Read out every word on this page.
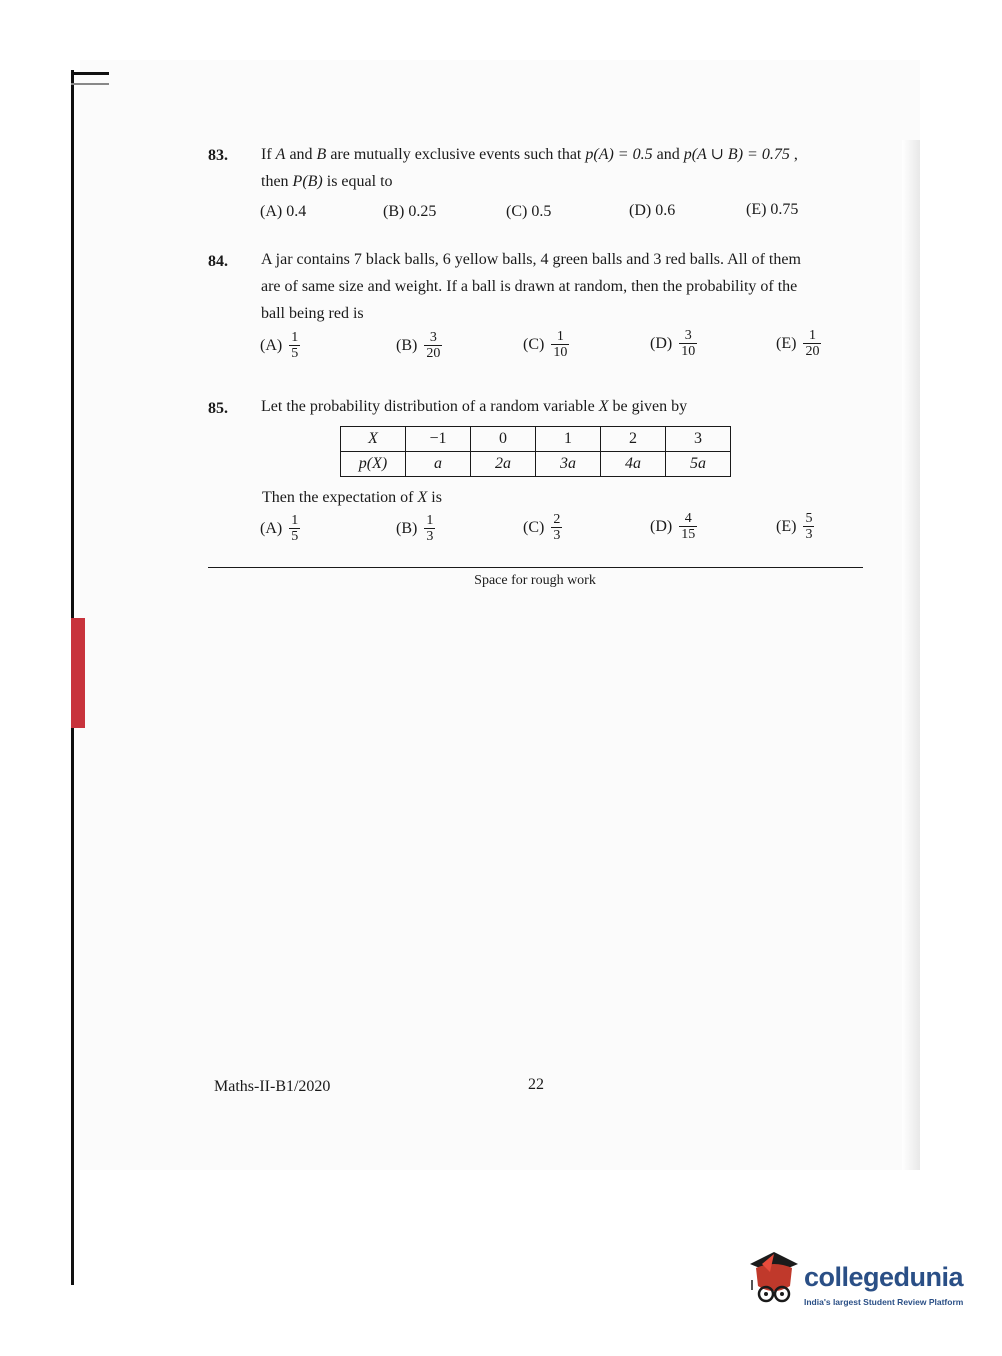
83. If A and B are mutually exclusive events such that p(A) = 0.5 and p(A ∪ B) = 0.75 ,
then P(B) is equal to
(A) 0.4	(B) 0.25	(C) 0.5	(D) 0.6	(E) 0.75
84. A jar contains 7 black balls, 6 yellow balls, 4 green balls and 3 red balls. All of them
are of same size and weight. If a ball is drawn at random, then the probability of the
ball being red is
$(A) \frac{1}{5}$	$(B) \frac{3}{20}$	$(C) \frac{1}{10}$	$(D) \frac{3}{10}$	$(E) \frac{1}{20}$
85. Let the probability distribution of a random variable X be given by
X	−1	0	1	2	3
p(X)	a	2a	3a	4a	5a
Then the expectation of X is
$(A) \frac{1}{5}$	$(B) \frac{1}{3}$	$(C) \frac{2}{3}$	$(D) \frac{4}{15}$	$(E) \frac{5}{3}$
Space for rough work
Maths-II-B1/2020	22
collegedunia
India's largest Student Review Platform
